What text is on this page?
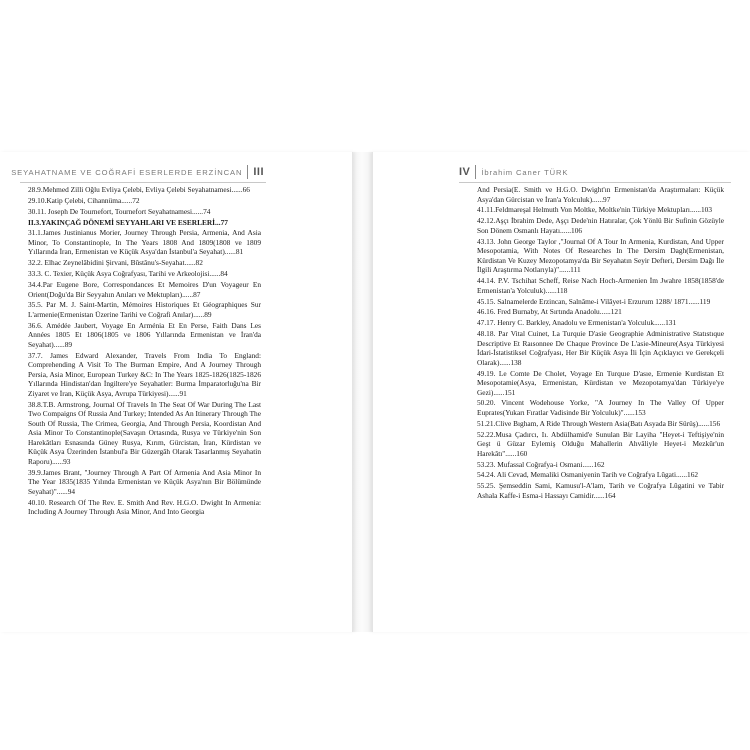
SEYAHATNAME VE COĞRAFİ ESERLERDE ERZİNCAN III
28.9.Mehmed Zilli Oğlu Evliya Çelebi, Evliya Çelebi Seyahatnamesi......66
29.10.Katip Çelebi, Cihannüma......72
30.11. Joseph De Tournefort, Tournefort Seyahatnamesi......74
II.3.YAKINÇAĞ DÖNEMİ SEYYAHLARI VE ESERLERİ...77
31.1.James Justinianus Morier, Journey Through Persia, Armenia, And Asia Minor, To Constantinople, In The Years 1808 And 1809(1808 ve 1809 Yıllarında İran, Ermenistan ve Küçük Asya'dan İstanbul'a Seyahat)......81
32.2. Elhac Zeynelâbidini Şirvani, Bûstânu's-Seyahat......82
33.3. C. Texier, Küçük Asya Coğrafyası, Tarihi ve Arkeolojisi......84
34.4.Par Eugene Bore, Correspondances Et Memoires D'un Voyageur En Orient(Doğu'da Bir Seyyahın Anıları ve Mektupları)......87
35.5. Par M. J. Saint-Martin, Mémoires Historiques Et Géographiques Sur L'armenie(Ermenistan Üzerine Tarihi ve Coğrafi Anılar)......89
36.6. Amédée Jaubert, Voyage En Arménia Et En Perse, Faith Dans Les Années 1805 Et 1806(1805 ve 1806 Yıllarında Ermenistan ve İran'da Seyahat)......89
37.7. James Edward Alexander, Travels From India To England: Comprehending A Visit To The Burman Empire, And A Journey Through Persia, Asia Minor, European Turkey &C: In The Years 1825-1826(1825-1826 Yıllarında Hindistan'dan İngiltere'ye Seyahatler: Burma İmparatorluğu'na Bir Ziyaret ve İran, Küçük Asya, Avrupa Türkiyesi)......91
38.8.T.B. Armstrong, Journal Of Travels In The Seat Of War During The Last Two Compaigns Of Russia And Turkey; Intended As An Itinerary Through The South Of Russia, The Crimea, Georgia, And Through Persia, Koordistan And Asia Minor To Constantinople(Savaşın Ortasında, Rusya ve Türkiye'nin Son Harekâtları Esnasında Güney Rusya, Kırım, Gürcistan, İran, Kürdistan ve Küçük Asya Üzerinden İstanbul'a Bir Güzergâh Olarak Tasarlanmış Seyahatin Raporu)......93
39.9.James Brant, "Journey Through A Part Of Armenia And Asia Minor In The Year 1835(1835 Yılında Ermenistan ve Küçük Asya'nın Bir Bölümünde Seyahat)"......94
40.10. Research Of The Rev. E. Smith And Rev. H.G.O. Dwight In Armenia: Including A Journey Through Asia Minor, And Into Georgia
IV İbrahim Caner TÜRK
And Persia(E. Smith ve H.G.O. Dwight'ın Ermenistan'da Araştırmaları: Küçük Asya'dan Gürcistan ve İran'a Yolculuk)......97
41.11.Feldmareşal Helmuth Von Moltke, Moltke'nin Türkiye Mektupları......103
42.12.Aşçı İbrahim Dede, Aşçı Dede'nin Hatıralar, Çok Yönlü Bir Sufinin Gözüyle Son Dönem Osmanlı Hayatı......106
43.13. John George Taylor ,"Journal Of A Tour In Armenia, Kurdistan, And Upper Mesopotamia, With Notes Of Researches In The Dersim Dagh(Ermenistan, Kürdistan Ve Kuzey Mezopotamya'da Bir Seyahatın Seyir Defteri, Dersim Dağı İle İlgili Araştırma Notlarıyla)"......111
44.14. P.V. Tschihat Scheff, Reise Nach Hoch-Armenien İm Jwahre 1858(1858'de Ermenistan'a Yolculuk)......118
45.15. Salnamelerde Erzincan, Salnâme-i Vilâyet-i Erzurum 1288/ 1871......119
46.16. Fred Burnaby, At Sırtında Anadolu......121
47.17. Henry C. Barkley, Anadolu ve Ermenistan'a Yolculuk......131
48.18. Par Vital Cuinet, La Turquie D'asie Geographie Administrative Statıstıque Descriptive Et Raısonnee De Chaque Province De L'asie-Mineure(Asya Türkiyesi İdari-İstatistiksel Coğrafyası, Her Bir Küçük Asya İli İçin Açıklayıcı ve Gerekçeli Olarak)......138
49.19. Le Comte De Cholet, Voyage En Turquıe D'asıe, Ermenie Kurdistan Et Mesopotamie(Asya, Ermenistan, Kürdistan ve Mezopotamya'dan Türkiye'ye Gezi)......151
50.20. Vincent Wodehouse Yorke, "A Journey In The Valley Of Upper Euprates(Yukarı Fıratlar Vadisinde Bir Yolculuk)"......153
51.21.Clive Bıgham, A Ride Through Western Asia(Batı Asyada Bir Sürüş)......156
52.22.Musa Çadırcı, Iı. Abdülhamid'e Sunulan Bir Layiha "Heyet-i Teftişiye'nin Geşt ü Güzar Eylemiş Olduğu Mahallerin Ahvâliyle Heyet-i Mezkûr'un Harekâtı"......160
53.23. Mufassal Coğrafya-i Osmani......162
54.24. Ali Cevad, Memaliki Osmaniyenin Tarih ve Coğrafya Lûgati......162
55.25. Şemseddin Sami, Kamusu'l-A'lam, Tarih ve Coğrafya Lûgatini ve Tabir Ashala Kaffe-i Esma-i Hassayı Camidir......164
